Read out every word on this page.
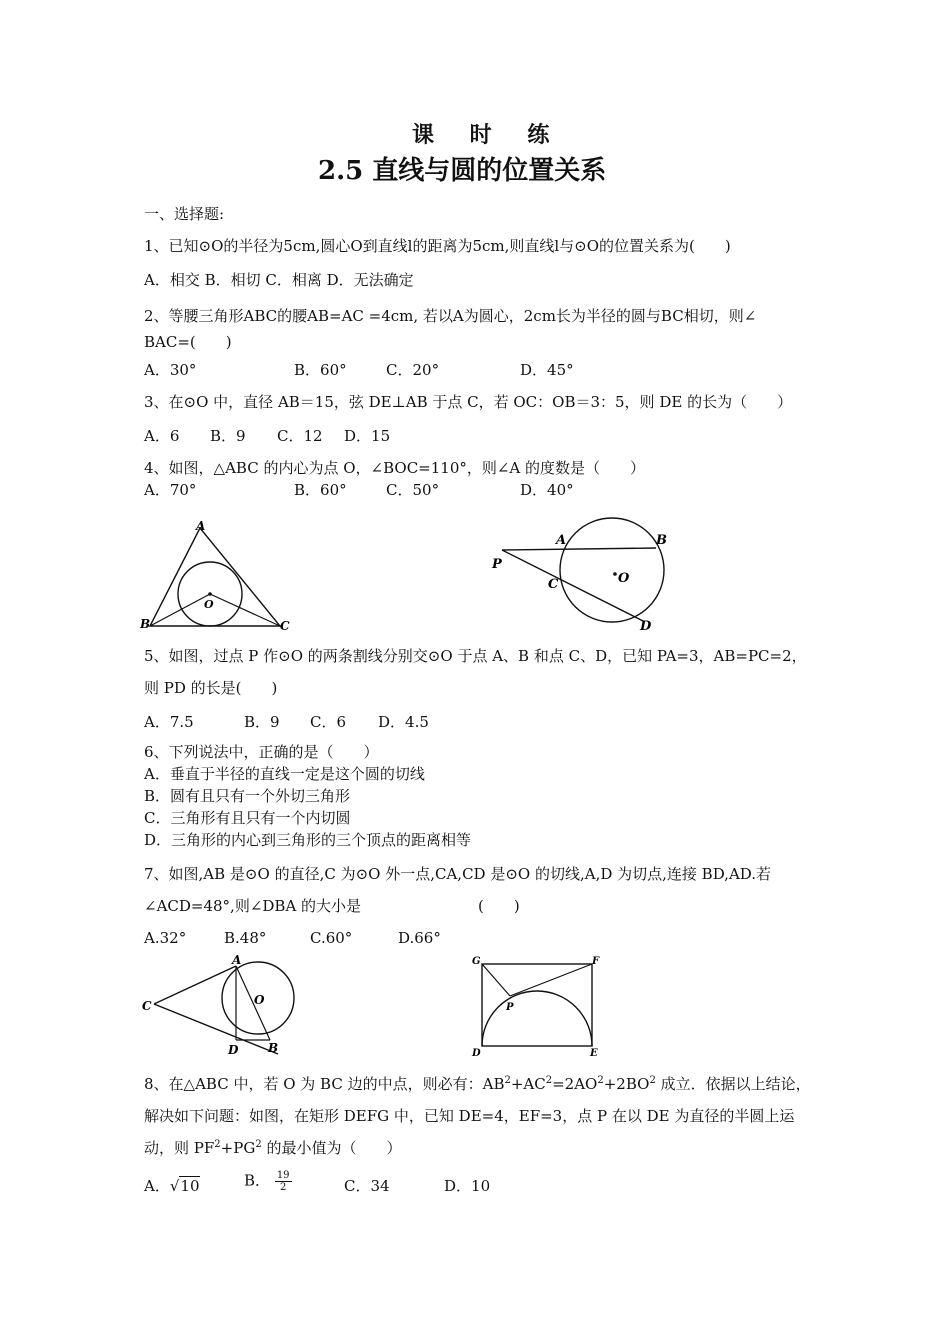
课 时 练
2.5 直线与圆的位置关系
一、选择题:
1、已知⊙O的半径为5cm,圆心O到直线l的距离为5cm,则直线l与⊙O的位置关系为(　　)
A．相交 B．相切 C．相离 D．无法确定
2、等腰三角形ABC的腰AB=AC =4cm, 若以A为圆心，2cm长为半径的圆与BC相切，则∠
BAC=(　　)
A．30°	B．60°	C．20°	D．45°
3、在⊙O 中，直径 AB＝15，弦 DE⊥AB 于点 C，若 OC：OB＝3：5，则 DE 的长为（　　）
A．6 B．9 C．12 D．15
4、如图，△ABC 的内心为点 O，∠BOC=110°，则∠A 的度数是（　　）
A．70°	B．60°	C．50°	D．40°
A
B	C
O
P
A	B
C
D
O
5、如图，过点 P 作⊙O 的两条割线分别交⊙O 于点 A、B 和点 C、D，已知 PA=3，AB=PC=2，
则 PD 的长是(　　)
A．7.5	B．9 C．6 D．4.5
6、下列说法中，正确的是（　　）
A．垂直于半径的直线一定是这个圆的切线
B．圆有且只有一个外切三角形
C．三角形有且只有一个内切圆
D．三角形的内心到三角形的三个顶点的距离相等
7、如图,AB 是⊙O 的直径,C 为⊙O 外一点,CA,CD 是⊙O 的切线,A,D 为切点,连接 BD,AD.若
∠ACD=48°,则∠DBA 的大小是	(　　)
A.32°	B.48°	C.60°	D.66°
A
C
D B
O
G	F
P
D	E
8、在△ABC 中，若 O 为 BC 边的中点，则必有：$AB^2+AC^2=2AO^2+2BO^2$ 成立．依据以上结论，
解决如下问题：如图，在矩形 DEFG 中，已知 DE=4，EF=3，点 P 在以 DE 为直径的半圆上运
动，则 $PF^2+PG^2$ 的最小值为（　　）
A．√10	B． $\frac{19}{2}$	C．34	D．10
